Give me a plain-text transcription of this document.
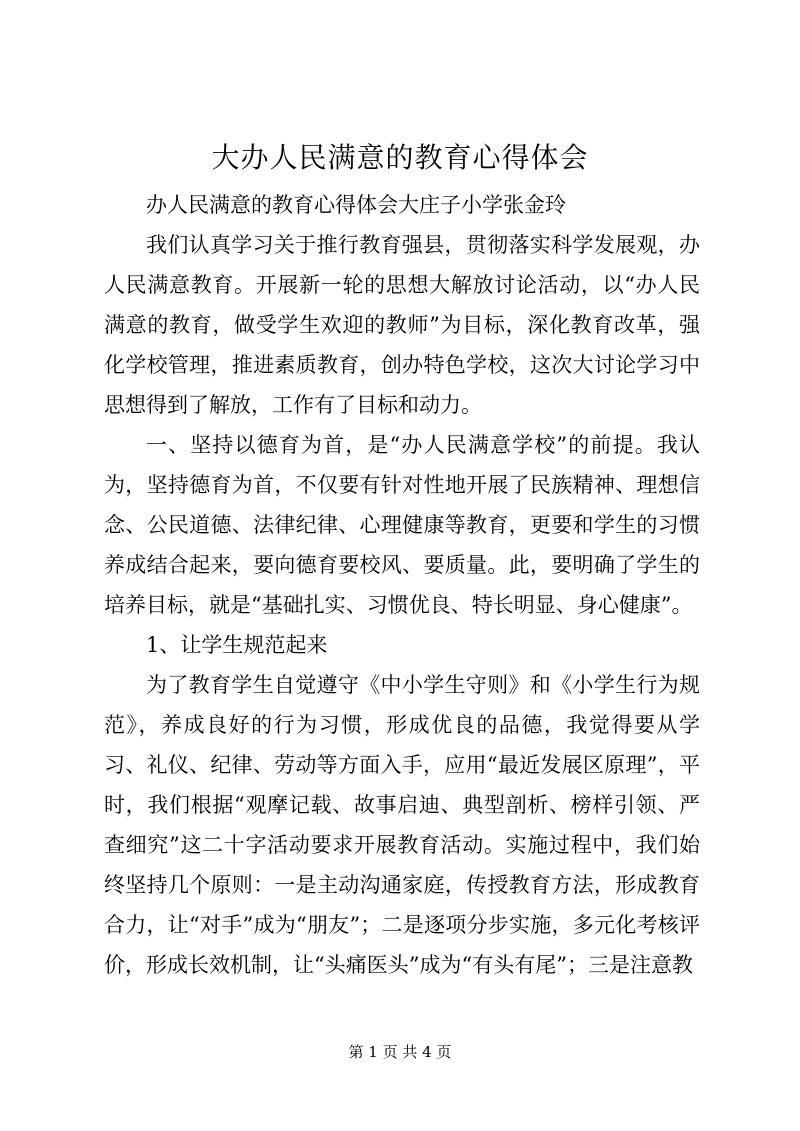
大办人民满意的教育心得体会

办人民满意的教育心得体会大庄子小学张金玲

我们认真学习关于推行教育强县，贯彻落实科学发展观，办人民满意教育。开展新一轮的思想大解放讨论活动，以“办人民满意的教育，做受学生欢迎的教师”为目标，深化教育改革，强化学校管理，推进素质教育，创办特色学校，这次大讨论学习中思想得到了解放，工作有了目标和动力。

一、坚持以德育为首，是“办人民满意学校”的前提。我认为，坚持德育为首，不仅要有针对性地开展了民族精神、理想信念、公民道德、法律纪律、心理健康等教育，更要和学生的习惯养成结合起来，要向德育要校风、要质量。此，要明确了学生的培养目标，就是“基础扎实、习惯优良、特长明显、身心健康”。

1、让学生规范起来

为了教育学生自觉遵守《中小学生守则》和《小学生行为规范》，养成良好的行为习惯，形成优良的品德，我觉得要从学习、礼仪、纪律、劳动等方面入手，应用“最近发展区原理”，平时，我们根据“观摩记载、故事启迪、典型剖析、榜样引领、严查细究”这二十字活动要求开展教育活动。实施过程中，我们始终坚持几个原则：一是主动沟通家庭，传授教育方法，形成教育合力，让“对手”成为“朋友”；二是逐项分步实施，多元化考核评价，形成长效机制，让“头痛医头”成为“有头有尾”；三是注意教

第 1 页 共 4 页
